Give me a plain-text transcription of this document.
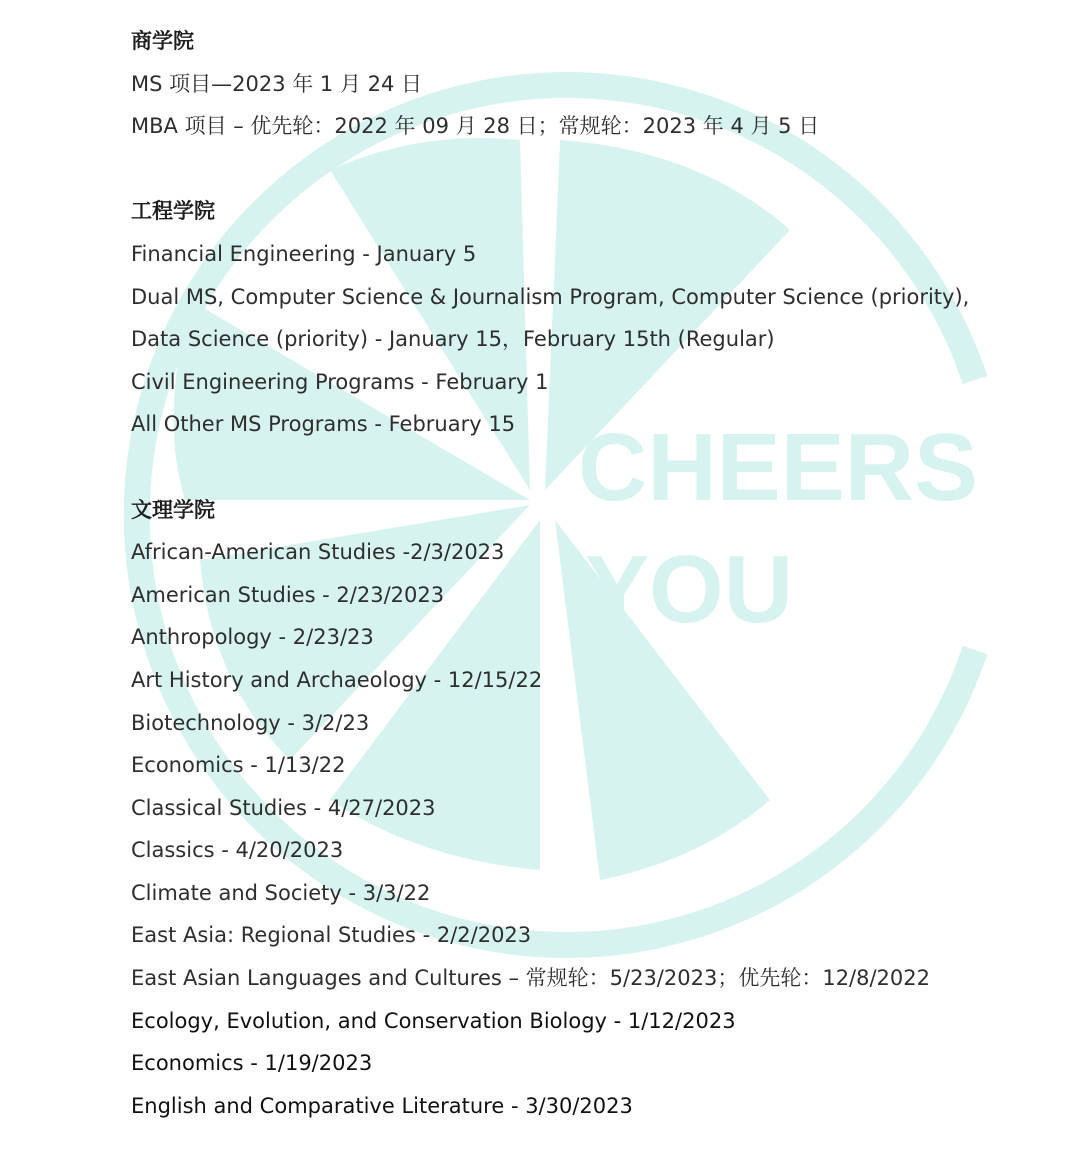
CHEERS
YOU
商学院
MS 项目—2023 年 1 月 24 日
MBA 项目 – 优先轮：2022 年 09 月 28 日；常规轮：2023 年 4 月 5 日
工程学院
Financial Engineering - January 5
Dual MS, Computer Science & Journalism Program, Computer Science (priority),
Data Science (priority) - January 15，February 15th (Regular)
Civil Engineering Programs - February 1
All Other MS Programs - February 15
文理学院
African-American Studies -2/3/2023
American Studies - 2/23/2023
Anthropology - 2/23/23
Art History and Archaeology - 12/15/22
Biotechnology - 3/2/23
Economics - 1/13/22
Classical Studies - 4/27/2023
Classics - 4/20/2023
Climate and Society - 3/3/22
East Asia: Regional Studies - 2/2/2023
East Asian Languages and Cultures – 常规轮：5/23/2023；优先轮：12/8/2022
Ecology, Evolution, and Conservation Biology - 1/12/2023
Economics - 1/19/2023
English and Comparative Literature - 3/30/2023
